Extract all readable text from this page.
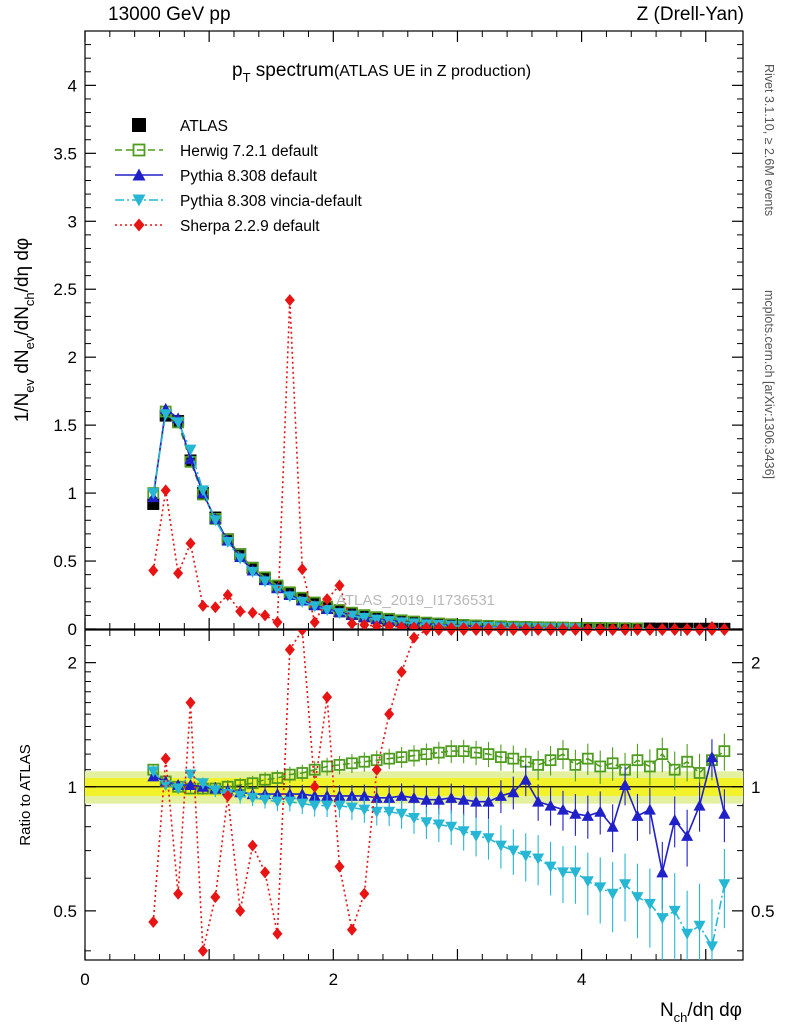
13000 GeV pp	Z (Drell-Yan)
Rivet 3.1.10, ≥ 2.6M events
mcplots.cern.ch [arXiv:1306.3436]
0
0.5
1
1.5
2
2.5
3
3.5
4
$p_T$ spectrum(ATLAS UE in Z production)
ATLAS_2019_I1736531
ATLAS
Herwig 7.2.1 default
Pythia 8.308 default
Pythia 8.308 vincia-default
Sherpa 2.2.9 default
$1/N_{ev}$ $dN_{ev}/dN_{ch}/d\eta$ dφ
0.5	0.5
1	1
2	2
0	2	4
Ratio to ATLAS
$N_{ch}/d\eta$ dφ
